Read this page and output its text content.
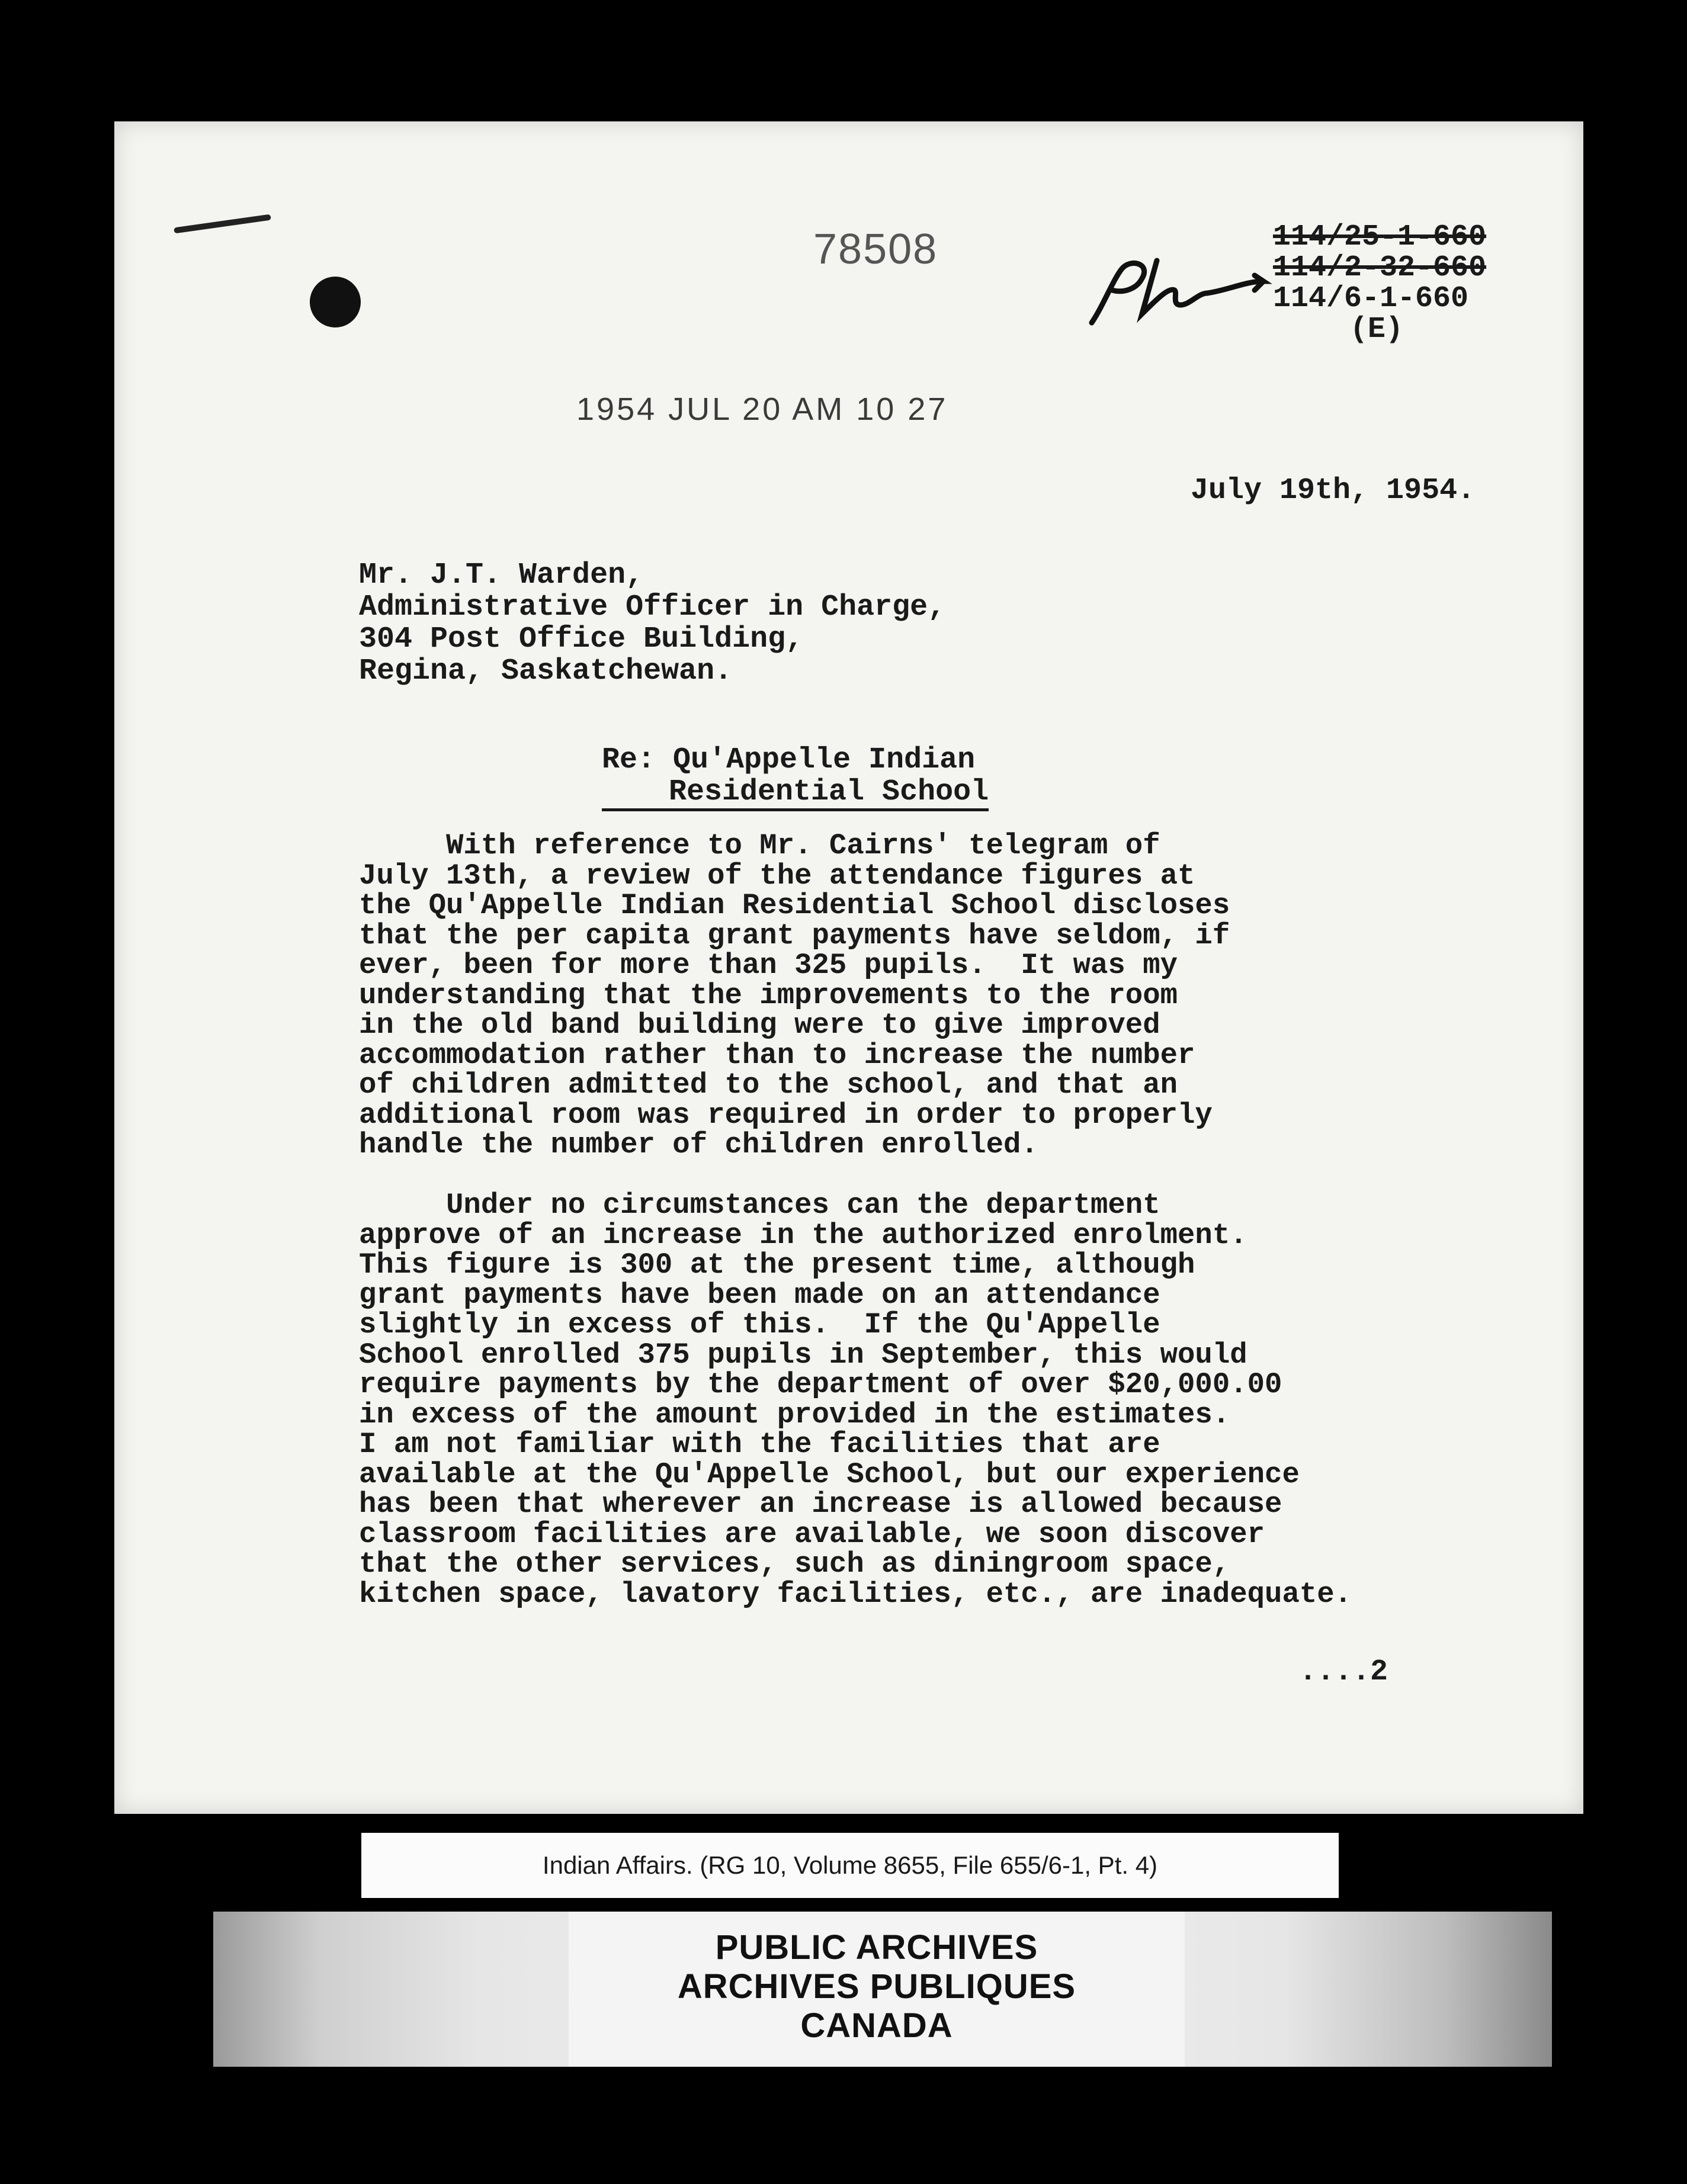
78508	114/25-1-660
114/2-32-660
114/6-1-660
(E)
1954 JUL 20 AM 10 27
July 19th, 1954.
Mr. J.T. Warden,
Administrative Officer in Charge,
304 Post Office Building,
Regina, Saskatchewan.
Re: Qu'Appelle Indian
Residential School
With reference to Mr. Cairns' telegram of
July 13th, a review of the attendance figures at
the Qu'Appelle Indian Residential School discloses
that the per capita grant payments have seldom, if
ever, been for more than 325 pupils.  It was my
understanding that the improvements to the room
in the old band building were to give improved
accommodation rather than to increase the number
of children admitted to the school, and that an
additional room was required in order to properly
handle the number of children enrolled.
Under no circumstances can the department
approve of an increase in the authorized enrolment.
This figure is 300 at the present time, although
grant payments have been made on an attendance
slightly in excess of this.  If the Qu'Appelle
School enrolled 375 pupils in September, this would
require payments by the department of over $20,000.00
in excess of the amount provided in the estimates.
I am not familiar with the facilities that are
available at the Qu'Appelle School, but our experience
has been that wherever an increase is allowed because
classroom facilities are available, we soon discover
that the other services, such as diningroom space,
kitchen space, lavatory facilities, etc., are inadequate.
....2
Indian Affairs. (RG 10, Volume 8655, File 655/6-1, Pt. 4)
PUBLIC ARCHIVES
ARCHIVES PUBLIQUES
CANADA
